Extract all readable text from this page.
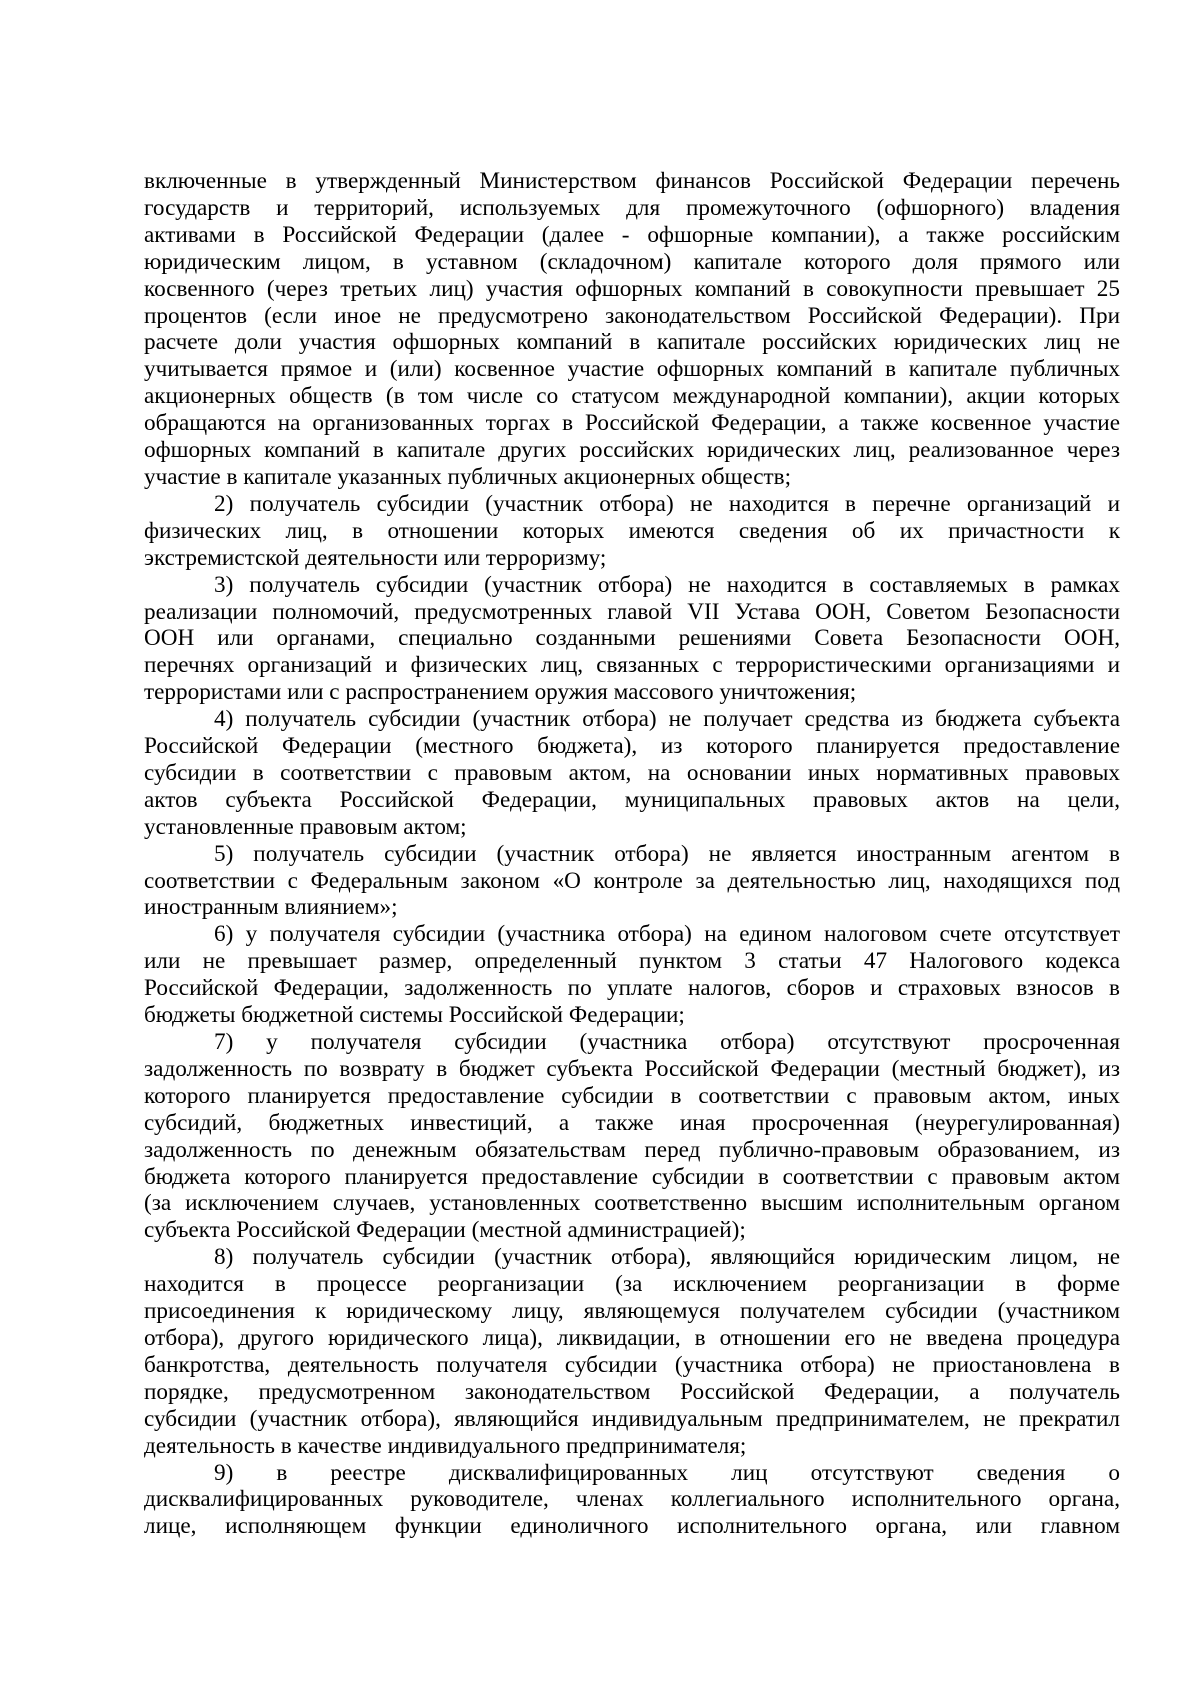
включенные в утвержденный Министерством финансов Российской Федерации перечень
государств и территорий, используемых для промежуточного (офшорного) владения
активами в Российской Федерации (далее - офшорные компании), а также российским
юридическим лицом, в уставном (складочном) капитале которого доля прямого или
косвенного (через третьих лиц) участия офшорных компаний в совокупности превышает 25
процентов (если иное не предусмотрено законодательством Российской Федерации). При
расчете доли участия офшорных компаний в капитале российских юридических лиц не
учитывается прямое и (или) косвенное участие офшорных компаний в капитале публичных
акционерных обществ (в том числе со статусом международной компании), акции которых
обращаются на организованных торгах в Российской Федерации, а также косвенное участие
офшорных компаний в капитале других российских юридических лиц, реализованное через
участие в капитале указанных публичных акционерных обществ;
2) получатель субсидии (участник отбора) не находится в перечне организаций и
физических лиц, в отношении которых имеются сведения об их причастности к
экстремистской деятельности или терроризму;
3) получатель субсидии (участник отбора) не находится в составляемых в рамках
реализации полномочий, предусмотренных главой VII Устава ООН, Советом Безопасности
ООН или органами, специально созданными решениями Совета Безопасности ООН,
перечнях организаций и физических лиц, связанных с террористическими организациями и
террористами или с распространением оружия массового уничтожения;
4) получатель субсидии (участник отбора) не получает средства из бюджета субъекта
Российской Федерации (местного бюджета), из которого планируется предоставление
субсидии в соответствии с правовым актом, на основании иных нормативных правовых
актов субъекта Российской Федерации, муниципальных правовых актов на цели,
установленные правовым актом;
5) получатель субсидии (участник отбора) не является иностранным агентом в
соответствии с Федеральным законом «О контроле за деятельностью лиц, находящихся под
иностранным влиянием»;
6) у получателя субсидии (участника отбора) на едином налоговом счете отсутствует
или не превышает размер, определенный пунктом 3 статьи 47 Налогового кодекса
Российской Федерации, задолженность по уплате налогов, сборов и страховых взносов в
бюджеты бюджетной системы Российской Федерации;
7) у получателя субсидии (участника отбора) отсутствуют просроченная
задолженность по возврату в бюджет субъекта Российской Федерации (местный бюджет), из
которого планируется предоставление субсидии в соответствии с правовым актом, иных
субсидий, бюджетных инвестиций, а также иная просроченная (неурегулированная)
задолженность по денежным обязательствам перед публично-правовым образованием, из
бюджета которого планируется предоставление субсидии в соответствии с правовым актом
(за исключением случаев, установленных соответственно высшим исполнительным органом
субъекта Российской Федерации (местной администрацией);
8) получатель субсидии (участник отбора), являющийся юридическим лицом, не
находится в процессе реорганизации (за исключением реорганизации в форме
присоединения к юридическому лицу, являющемуся получателем субсидии (участником
отбора), другого юридического лица), ликвидации, в отношении его не введена процедура
банкротства, деятельность получателя субсидии (участника отбора) не приостановлена в
порядке, предусмотренном законодательством Российской Федерации, а получатель
субсидии (участник отбора), являющийся индивидуальным предпринимателем, не прекратил
деятельность в качестве индивидуального предпринимателя;
9) в реестре дисквалифицированных лиц отсутствуют сведения о
дисквалифицированных руководителе, членах коллегиального исполнительного органа,
лице, исполняющем функции единоличного исполнительного органа, или главном
